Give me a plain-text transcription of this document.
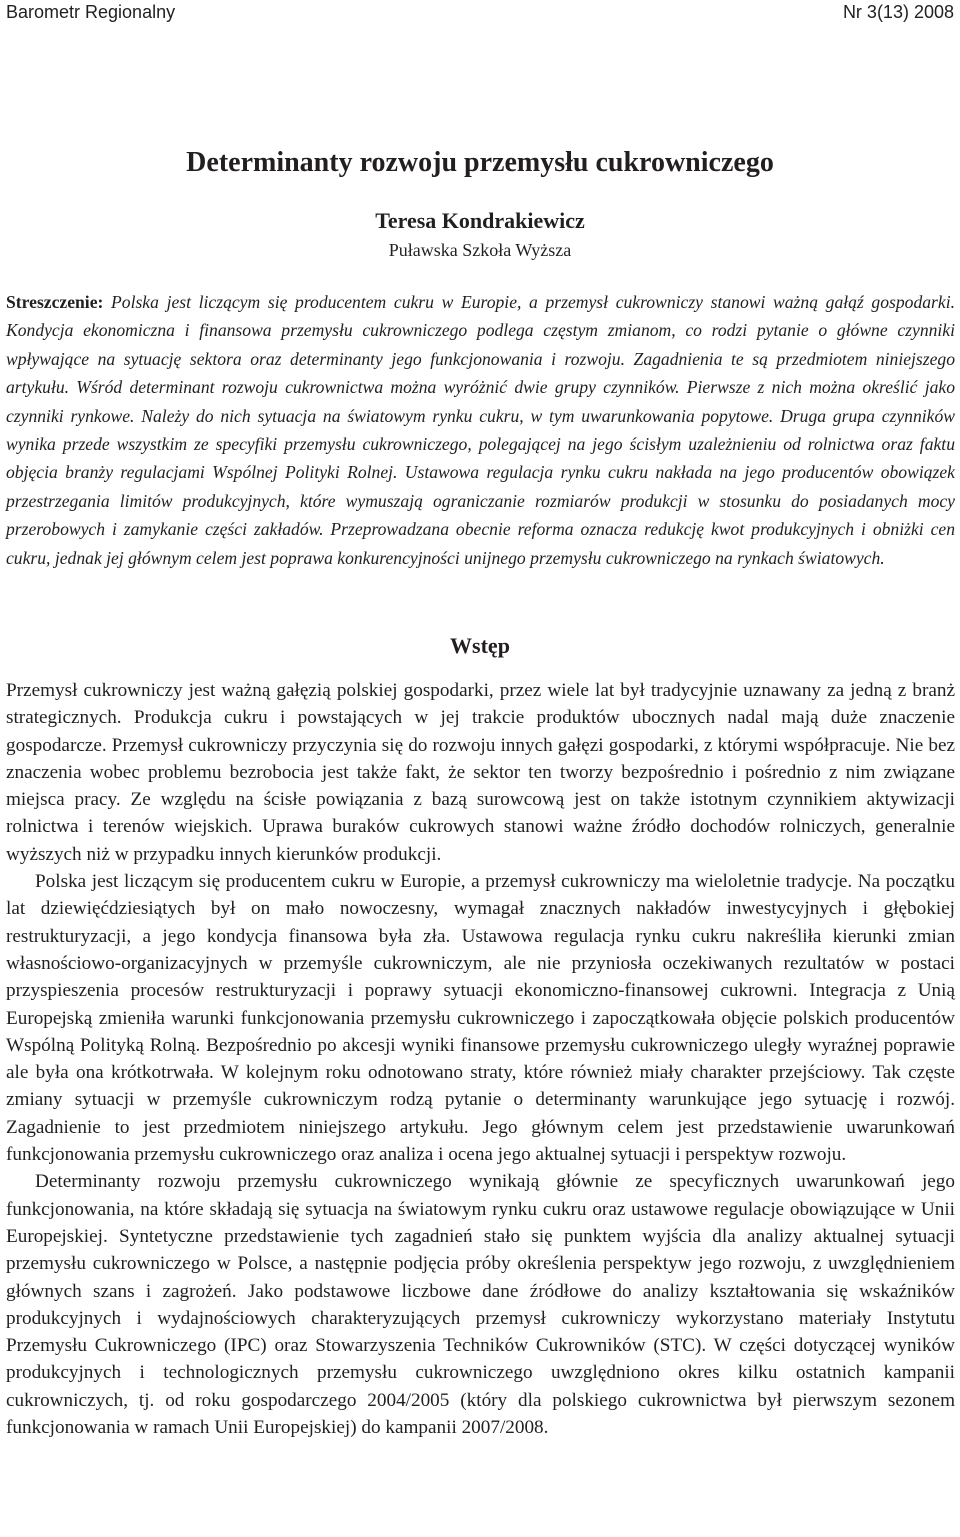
Barometr Regionalny	Nr 3(13) 2008
Determinanty rozwoju przemysłu cukrowniczego
Teresa Kondrakiewicz
Puławska Szkoła Wyższa

Streszczenie: Polska jest liczącym się producentem cukru w Europie, a przemysł cukrowniczy stanowi ważną gałąź gospodarki. Kondycja ekonomiczna i finansowa przemysłu cukrowniczego podlega częstym zmianom, co rodzi pytanie o główne czynniki wpływające na sytuację sektora oraz determinanty jego funkcjonowania i rozwoju. Zagadnienia te są przedmiotem niniejszego artykułu. Wśród determinant rozwoju cukrownictwa można wyróżnić dwie grupy czynników. Pierwsze z nich można określić jako czynniki rynkowe. Należy do nich sytuacja na światowym rynku cukru, w tym uwarunkowania popytowe. Druga grupa czynników wynika przede wszystkim ze specyfiki przemysłu cukrowniczego, polegającej na jego ścisłym uzależnieniu od rolnictwa oraz faktu objęcia branży regulacjami Wspólnej Polityki Rolnej. Ustawowa regulacja rynku cukru nakłada na jego producentów obowiązek przestrzegania limitów produkcyjnych, które wymuszają ograniczanie rozmiarów produkcji w stosunku do posiadanych mocy przerobowych i zamykanie części zakładów. Przeprowadzana obecnie reforma oznacza redukcję kwot produkcyjnych i obniżki cen cukru, jednak jej głównym celem jest poprawa konkurencyjności unijnego przemysłu cukrowniczego na rynkach światowych.

Wstęp

Przemysł cukrowniczy jest ważną gałęzią polskiej gospodarki, przez wiele lat był tradycyjnie uznawany za jedną z branż strategicznych. Produkcja cukru i powstających w jej trakcie produktów ubocznych nadal mają duże znaczenie gospodarcze. Przemysł cukrowniczy przyczynia się do rozwoju innych gałęzi gospodarki, z którymi współpracuje. Nie bez znaczenia wobec problemu bezrobocia jest także fakt, że sektor ten tworzy bezpośrednio i pośrednio z nim związane miejsca pracy. Ze względu na ścisłe powiązania z bazą surowcową jest on także istotnym czynnikiem aktywizacji rolnictwa i terenów wiejskich. Uprawa buraków cukrowych stanowi ważne źródło dochodów rolniczych, generalnie wyższych niż w przypadku innych kierunków produkcji.

Polska jest liczącym się producentem cukru w Europie, a przemysł cukrowniczy ma wieloletnie tradycje. Na początku lat dziewięćdziesiątych był on mało nowoczesny, wymagał znacznych nakładów inwestycyjnych i głębokiej restrukturyzacji, a jego kondycja finansowa była zła. Ustawowa regulacja rynku cukru nakreśliła kierunki zmian własnościowo-organizacyjnych w przemyśle cukrowniczym, ale nie przyniosła oczekiwanych rezultatów w postaci przyspieszenia procesów restrukturyzacji i poprawy sytuacji ekonomiczno-finansowej cukrowni. Integracja z Unią Europejską zmieniła warunki funkcjonowania przemysłu cukrowniczego i zapoczątkowała objęcie polskich producentów Wspólną Polityką Rolną. Bezpośrednio po akcesji wyniki finansowe przemysłu cukrowniczego uległy wyraźnej poprawie ale była ona krótkotrwała. W kolejnym roku odnotowano straty, które również miały charakter przejściowy. Tak częste zmiany sytuacji w przemyśle cukrowniczym rodzą pytanie o determinanty warunkujące jego sytuację i rozwój. Zagadnienie to jest przedmiotem niniejszego artykułu. Jego głównym celem jest przedstawienie uwarunkowań funkcjonowania przemysłu cukrowniczego oraz analiza i ocena jego aktualnej sytuacji i perspektyw rozwoju.

Determinanty rozwoju przemysłu cukrowniczego wynikają głównie ze specyficznych uwarunkowań jego funkcjonowania, na które składają się sytuacja na światowym rynku cukru oraz ustawowe regulacje obowiązujące w Unii Europejskiej. Syntetyczne przedstawienie tych zagadnień stało się punktem wyjścia dla analizy aktualnej sytuacji przemysłu cukrowniczego w Polsce, a następnie podjęcia próby określenia perspektyw jego rozwoju, z uwzględnieniem głównych szans i zagrożeń. Jako podstawowe liczbowe dane źródłowe do analizy kształtowania się wskaźników produkcyjnych i wydajnościowych charakteryzujących przemysł cukrowniczy wykorzystano materiały Instytutu Przemysłu Cukrowniczego (IPC) oraz Stowarzyszenia Techników Cukrowników (STC). W części dotyczącej wyników produkcyjnych i technologicznych przemysłu cukrowniczego uwzględniono okres kilku ostatnich kampanii cukrowniczych, tj. od roku gospodarczego 2004/2005 (który dla polskiego cukrownictwa był pierwszym sezonem funkcjonowania w ramach Unii Europejskiej) do kampanii 2007/2008.
